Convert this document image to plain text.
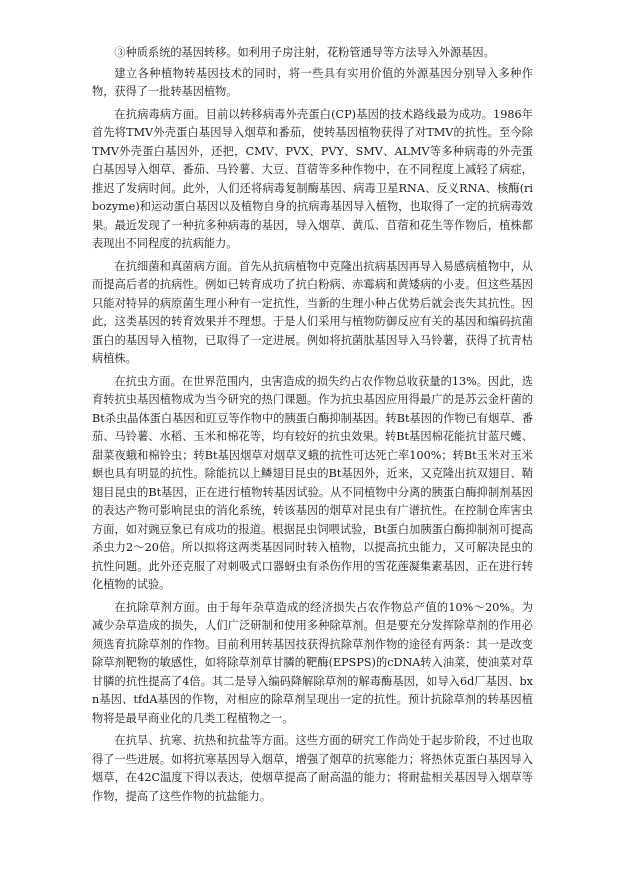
③种质系统的基因转移。如利用子房注射，花粉管通导等方法导入外源基因。

建立各种植物转基因技术的同时，将一些具有实用价值的外源基因分别导入多种作物，获得了一批转基因植物。

在抗病毒病方面。目前以转移病毒外壳蛋白(CP)基因的技术路线最为成功。1986年首先将TMV外壳蛋白基因导入烟草和番茄，使转基因植物获得了对TMV的抗性。至今除TMV外壳蛋白基因外，还把，CMV、PVX、PVY、SMV、ALMV等多种病毒的外壳蛋白基因导入烟草、番茄、马铃薯、大豆、苜蓿等多种作物中，在不同程度上减轻了病症，推迟了发病时间。此外，人们还将病毒复制酶基因、病毒卫星RNA、反义RNA、核酶(ribozyme)和运动蛋白基因以及植物自身的抗病毒基因导入植物，也取得了一定的抗病毒效果。最近发现了一种抗多种病毒的基因，导入烟草、黄瓜、苜蓿和花生等作物后，植株都表现出不同程度的抗病能力。

在抗细菌和真菌病方面。首先从抗病植物中克隆出抗病基因再导入易感病植物中，从而提高后者的抗病性。例如已转育成功了抗白粉病、赤霉病和黄矮病的小麦。但这些基因只能对特异的病原菌生理小种有一定抗性，当新的生理小种占优势后就会丧失其抗性。因此，这类基因的转育效果并不理想。于是人们采用与植物防御反应有关的基因和编码抗菌蛋白的基因导入植物，已取得了一定进展。例如将抗菌肽基因导入马铃薯，获得了抗青枯病植株。

在抗虫方面。在世界范围内，虫害造成的损失约占农作物总收获量的13%。因此，选育转抗虫基因植物成为当今研究的热门课题。作为抗虫基因应用得最广的是苏云金杆菌的Bt杀虫晶体蛋白基因和豇豆等作物中的胰蛋白酶抑制基因。转Bt基因的作物已有烟草、番茄、马铃薯、水稻、玉米和棉花等，均有较好的抗虫效果。转Bt基因棉花能抗甘蓝尺蠖、甜菜夜蛾和棉铃虫；转Bt基因烟草对烟草叉蛾的抗性可达死亡率100%；转Bt玉米对玉米螟也具有明显的抗性。除能抗以上鳞翅目昆虫的Bt基因外，近来，又克隆出抗双翅目、鞘翅目昆虫的Bt基因，正在进行植物转基因试验。从不同植物中分离的胰蛋白酶抑制剂基因的表达产物可影响昆虫的消化系统，转该基因的烟草对昆虫有广谱抗性。在控制仓库害虫方面，如对豌豆象已有成功的报道。根据昆虫饲喂试验，Bt蛋白加胰蛋白酶抑制剂可提高杀虫力2～20倍。所以拟将这两类基因同时转入植物，以提高抗虫能力，又可解决昆虫的抗性问题。此外还克服了对刺吸式口器蚜虫有杀伤作用的雪花莲凝集素基因，正在进行转化植物的试验。

在抗除草剂方面。由于每年杂草造成的经济损失占农作物总产值的10%～20%。为减少杂草造成的损失，人们广泛研制和使用多种除草剂。但是要充分发挥除草剂的作用必须选育抗除草剂的作物。目前利用转基因技获得抗除草剂作物的途径有两条：其一是改变除草剂靶物的敏感性，如将除草剂草甘膦的靶酶(EPSPS)的cDNA转入油菜，使油菜对草甘膦的抗性提高了4倍。其二是导入编码降解除草剂的解毒酶基因，如导入6d厂基因、bxn基因、tfdA基因的作物，对相应的除草剂呈现出一定的抗性。预计抗除草剂的转基因植物将是最早商业化的几类工程植物之一。

在抗旱、抗寒、抗热和抗盐等方面。这些方面的研究工作尚处于起步阶段，不过也取得了一些进展。如将抗寒基因导入烟草，增强了烟草的抗寒能力；将热休克蛋白基因导入烟草，在42C温度下得以表达，使烟草提高了耐高温的能力；将耐盐相关基因导入烟草等作物，提高了这些作物的抗盐能力。
